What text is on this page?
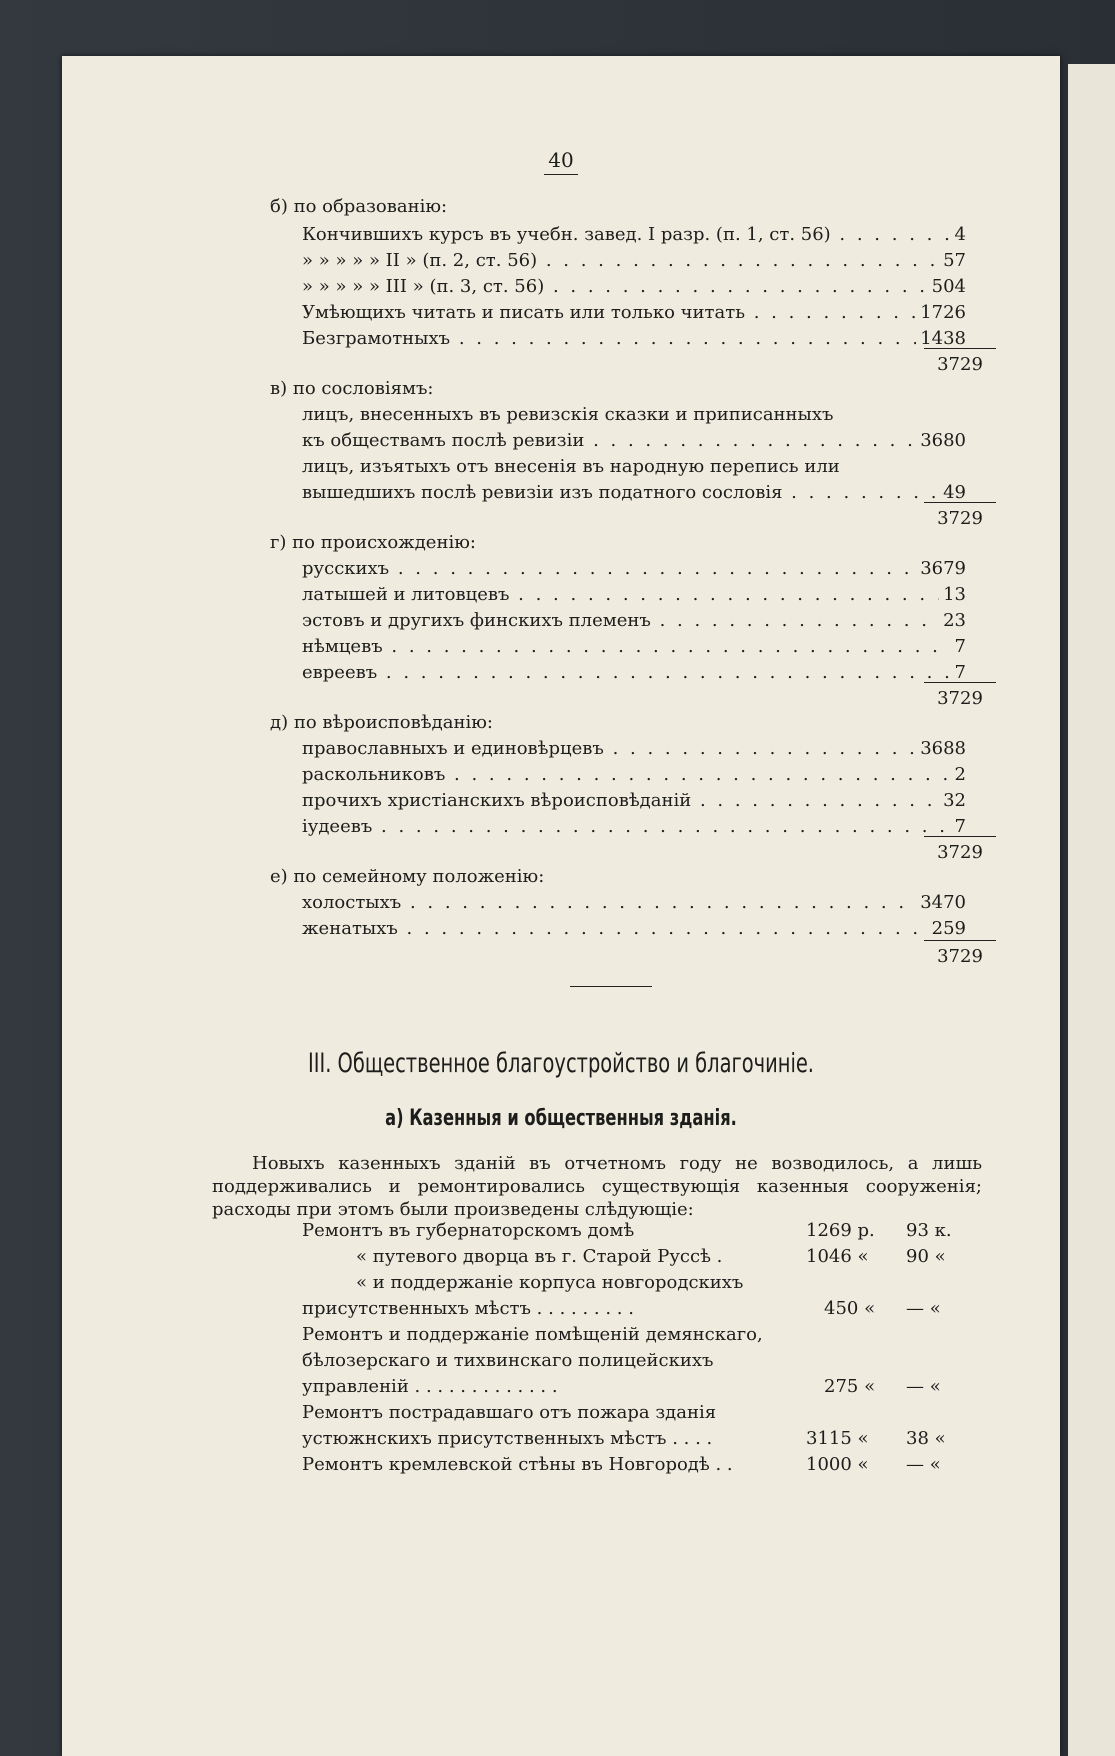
40
б) по образованію:
Кончившихъ курсъ въ учебн. завед. I разр. (п. 1, ст. 56) . . .	4
» » » » » II » (п. 2, ст. 56) . . .	57
» » » » » III » (п. 3, ст. 56) . . .	504
Умѣющихъ читать и писать или только читать . . .	1726
Безграмотныхъ . . .	1438
3729
в) по сословіямъ:
лицъ, внесенныхъ въ ревизскія сказки и приписанныхъ
къ обществамъ послѣ ревизіи . . .	3680
лицъ, изъятыхъ отъ внесенія въ народную перепись или
вышедшихъ послѣ ревизіи изъ податного сословія . . .	49
3729
г) по происхожденію:
русскихъ . . .	3679
латышей и литовцевъ . . .	13
эстовъ и другихъ финскихъ племенъ . . .	23
нѣмцевъ . . .	7
евреевъ . . .	7
3729
д) по вѣроисповѣданію:
православныхъ и единовѣрцевъ . . .	3688
раскольниковъ . . .	2
прочихъ христіанскихъ вѣроисповѣданій . . .	32
іудеевъ . . .	7
3729
е) по семейному положенію:
холостыхъ . . .	3470
женатыхъ . . .	259
3729
III. Общественное благоустройство и благочиніе.
а) Казенныя и общественныя зданія.
Новыхъ казенныхъ зданій въ отчетномъ году не возводилось, а лишь поддерживались и ремонтировались существующія казенныя сооруженія; расходы при этомъ были произведены слѣдующіе:
Ремонтъ въ губернаторскомъ домѣ	1269 р. 93 к.
« путевого дворца въ г. Старой Руссѣ .	1046 « 90 «
« и поддержаніе корпуса новгородскихъ
присутственныхъ мѣстъ . . . . . . . . .	450 « — «
Ремонтъ и поддержаніе помѣщеній демянскаго,
бѣлозерскаго и тихвинскаго полицейскихъ
управленій . . . . . . . . . . . . .	275 « — «
Ремонтъ пострадавшаго отъ пожара зданія
устюжнскихъ присутственныхъ мѣстъ . . . .	3115 « 38 «
Ремонтъ кремлевской стѣны въ Новгородѣ . .	1000 « — «
